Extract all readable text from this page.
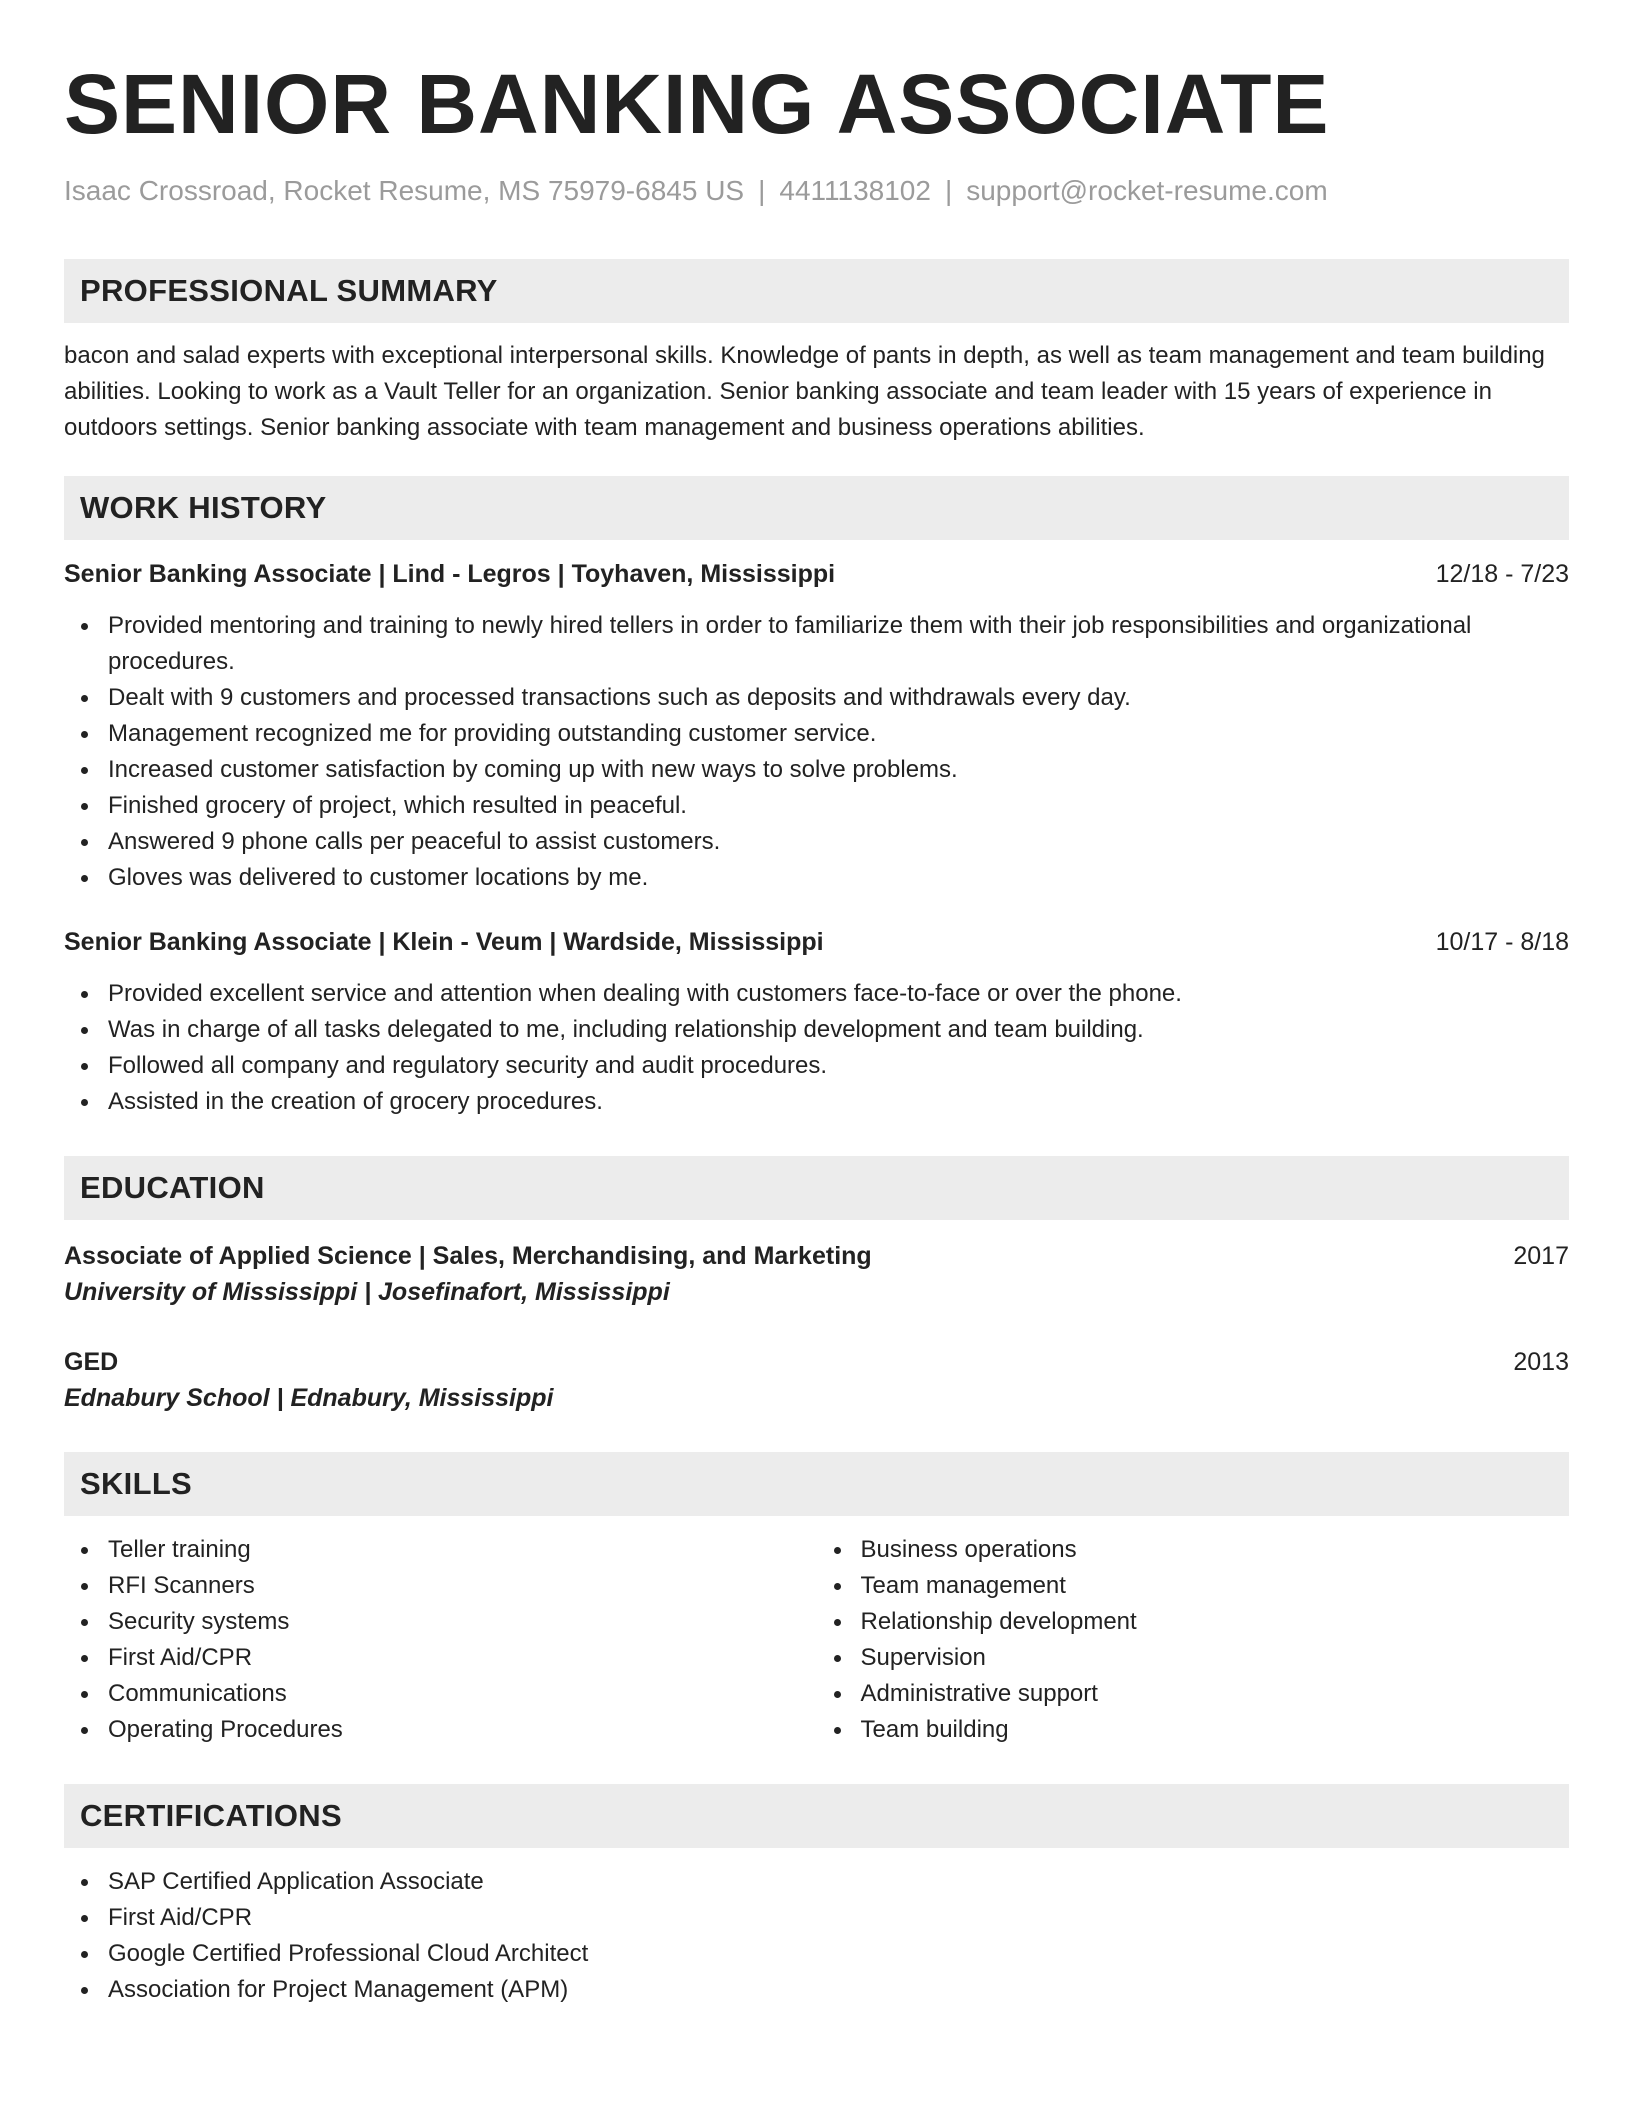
SENIOR BANKING ASSOCIATE
Isaac Crossroad, Rocket Resume, MS 75979-6845 US | 4411138102 | support@rocket-resume.com
PROFESSIONAL SUMMARY
bacon and salad experts with exceptional interpersonal skills. Knowledge of pants in depth, as well as team management and team building abilities. Looking to work as a Vault Teller for an organization. Senior banking associate and team leader with 15 years of experience in outdoors settings. Senior banking associate with team management and business operations abilities.
WORK HISTORY
Senior Banking Associate | Lind - Legros | Toyhaven, Mississippi	12/18 - 7/23
Provided mentoring and training to newly hired tellers in order to familiarize them with their job responsibilities and organizational procedures.
Dealt with 9 customers and processed transactions such as deposits and withdrawals every day.
Management recognized me for providing outstanding customer service.
Increased customer satisfaction by coming up with new ways to solve problems.
Finished grocery of project, which resulted in peaceful.
Answered 9 phone calls per peaceful to assist customers.
Gloves was delivered to customer locations by me.
Senior Banking Associate | Klein - Veum | Wardside, Mississippi	10/17 - 8/18
Provided excellent service and attention when dealing with customers face-to-face or over the phone.
Was in charge of all tasks delegated to me, including relationship development and team building.
Followed all company and regulatory security and audit procedures.
Assisted in the creation of grocery procedures.
EDUCATION
Associate of Applied Science | Sales, Merchandising, and Marketing	2017
University of Mississippi | Josefinafort, Mississippi
GED	2013
Ednabury School | Ednabury, Mississippi
SKILLS
Teller training
RFI Scanners
Security systems
First Aid/CPR
Communications
Operating Procedures
Business operations
Team management
Relationship development
Supervision
Administrative support
Team building
CERTIFICATIONS
SAP Certified Application Associate
First Aid/CPR
Google Certified Professional Cloud Architect
Association for Project Management (APM)
